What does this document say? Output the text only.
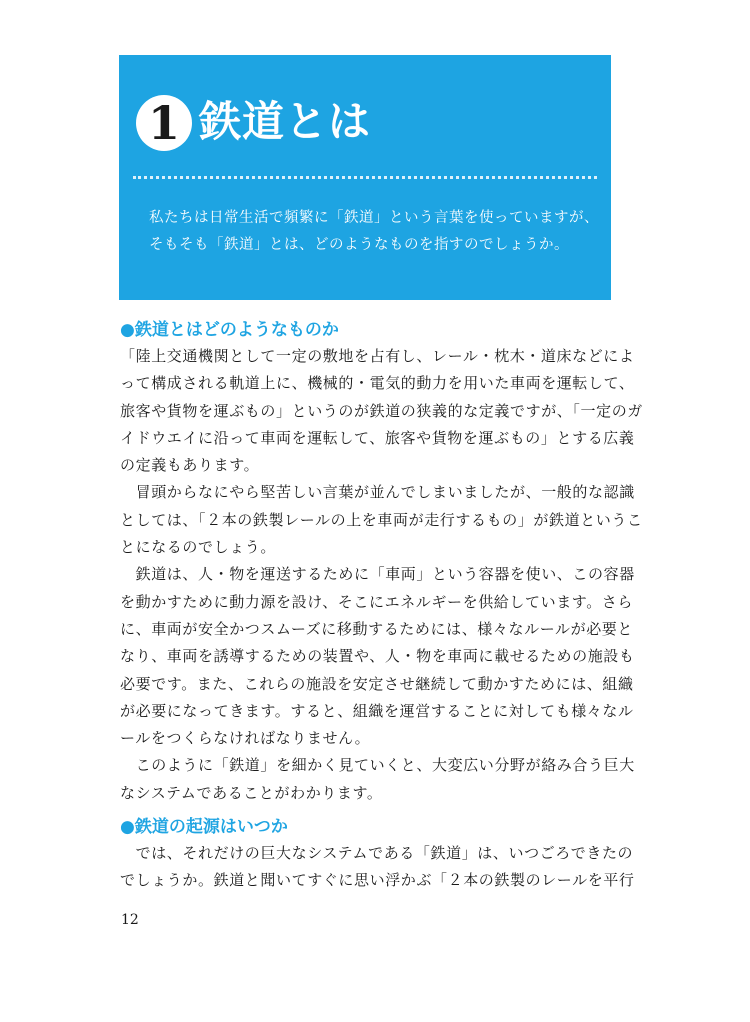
1 鉄道とは

私たちは日常生活で頻繁に「鉄道」という言葉を使っていますが、

そもそも「鉄道」とは、どのようなものを指すのでしょうか。

●鉄道とはどのようなものか

「陸上交通機関として一定の敷地を占有し、レール・枕木・道床などによ

って構成される軌道上に、機械的・電気的動力を用いた車両を運転して、

旅客や貨物を運ぶもの」というのが鉄道の狭義的な定義ですが、「一定のガ

イドウエイに沿って車両を運転して、旅客や貨物を運ぶもの」とする広義

の定義もあります。

　冒頭からなにやら堅苦しい言葉が並んでしまいましたが、一般的な認識

としては、「２本の鉄製レールの上を車両が走行するもの」が鉄道というこ

とになるのでしょう。

　鉄道は、人・物を運送するために「車両」という容器を使い、この容器

を動かすために動力源を設け、そこにエネルギーを供給しています。さら

に、車両が安全かつスムーズに移動するためには、様々なルールが必要と

なり、車両を誘導するための装置や、人・物を車両に載せるための施設も

必要です。また、これらの施設を安定させ継続して動かすためには、組織

が必要になってきます。すると、組織を運営することに対しても様々なル

ールをつくらなければなりません。

　このように「鉄道」を細かく見ていくと、大変広い分野が絡み合う巨大

なシステムであることがわかります。

●鉄道の起源はいつか

　では、それだけの巨大なシステムである「鉄道」は、いつごろできたの

でしょうか。鉄道と聞いてすぐに思い浮かぶ「２本の鉄製のレールを平行

12
